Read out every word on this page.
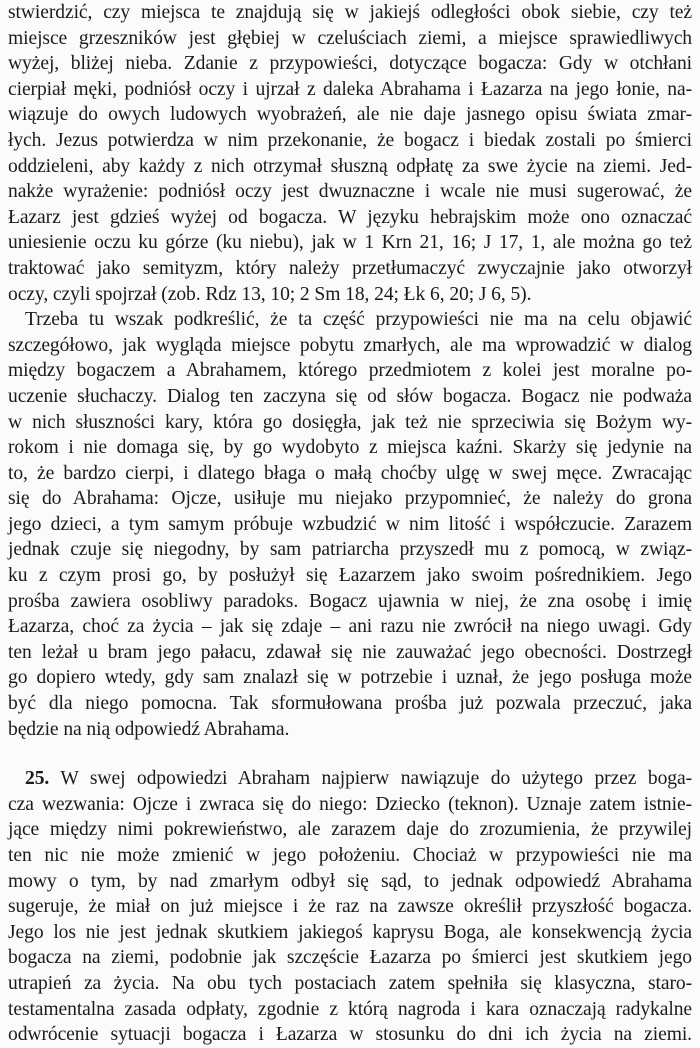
stwierdzić, czy miejsca te znajdują się w jakiejś odległości obok siebie, czy też
miejsce grzeszników jest głębiej w czeluściach ziemi, a miejsce sprawiedliwych
wyżej, bliżej nieba. Zdanie z przypowieści, dotyczące bogacza: Gdy w otchłani
cierpiał męki, podniósł oczy i ujrzał z daleka Abrahama i Łazarza na jego łonie, na-
wiązuje do owych ludowych wyobrażeń, ale nie daje jasnego opisu świata zmar-
łych. Jezus potwierdza w nim przekonanie, że bogacz i biedak zostali po śmierci
oddzieleni, aby każdy z nich otrzymał słuszną odpłatę za swe życie na ziemi. Jed-
nakże wyrażenie: podniósł oczy jest dwuznaczne i wcale nie musi sugerować, że
Łazarz jest gdzieś wyżej od bogacza. W języku hebrajskim może ono oznaczać
uniesienie oczu ku górze (ku niebu), jak w 1 Krn 21, 16; J 17, 1, ale można go też
traktować jako semityzm, który należy przetłumaczyć zwyczajnie jako otworzył
oczy, czyli spojrzał (zob. Rdz 13, 10; 2 Sm 18, 24; Łk 6, 20; J 6, 5).
Trzeba tu wszak podkreślić, że ta część przypowieści nie ma na celu objawić
szczegółowo, jak wygląda miejsce pobytu zmarłych, ale ma wprowadzić w dialog
między bogaczem a Abrahamem, którego przedmiotem z kolei jest moralne po-
uczenie słuchaczy. Dialog ten zaczyna się od słów bogacza. Bogacz nie podważa
w nich słuszności kary, która go dosięgła, jak też nie sprzeciwia się Bożym wy-
rokom i nie domaga się, by go wydobyto z miejsca kaźni. Skarży się jedynie na
to, że bardzo cierpi, i dlatego błaga o małą choćby ulgę w swej męce. Zwracając
się do Abrahama: Ojcze, usiłuje mu niejako przypomnieć, że należy do grona
jego dzieci, a tym samym próbuje wzbudzić w nim litość i współczucie. Zarazem
jednak czuje się niegodny, by sam patriarcha przyszedł mu z pomocą, w związ-
ku z czym prosi go, by posłużył się Łazarzem jako swoim pośrednikiem. Jego
prośba zawiera osobliwy paradoks. Bogacz ujawnia w niej, że zna osobę i imię
Łazarza, choć za życia – jak się zdaje – ani razu nie zwrócił na niego uwagi. Gdy
ten leżał u bram jego pałacu, zdawał się nie zauważać jego obecności. Dostrzegł
go dopiero wtedy, gdy sam znalazł się w potrzebie i uznał, że jego posługa może
być dla niego pomocna. Tak sformułowana prośba już pozwala przeczuć, jaka
będzie na nią odpowiedź Abrahama.
25. W swej odpowiedzi Abraham najpierw nawiązuje do użytego przez boga-
cza wezwania: Ojcze i zwraca się do niego: Dziecko (teknon). Uznaje zatem istnie-
jące między nimi pokrewieństwo, ale zarazem daje do zrozumienia, że przywilej
ten nic nie może zmienić w jego położeniu. Chociaż w przypowieści nie ma
mowy o tym, by nad zmarłym odbył się sąd, to jednak odpowiedź Abrahama
sugeruje, że miał on już miejsce i że raz na zawsze określił przyszłość bogacza.
Jego los nie jest jednak skutkiem jakiegoś kaprysu Boga, ale konsekwencją życia
bogacza na ziemi, podobnie jak szczęście Łazarza po śmierci jest skutkiem jego
utrapień za życia. Na obu tych postaciach zatem spełniła się klasyczna, staro-
testamentalna zasada odpłaty, zgodnie z którą nagroda i kara oznaczają radykalne
odwrócenie sytuacji bogacza i Łazarza w stosunku do dni ich życia na ziemi.
